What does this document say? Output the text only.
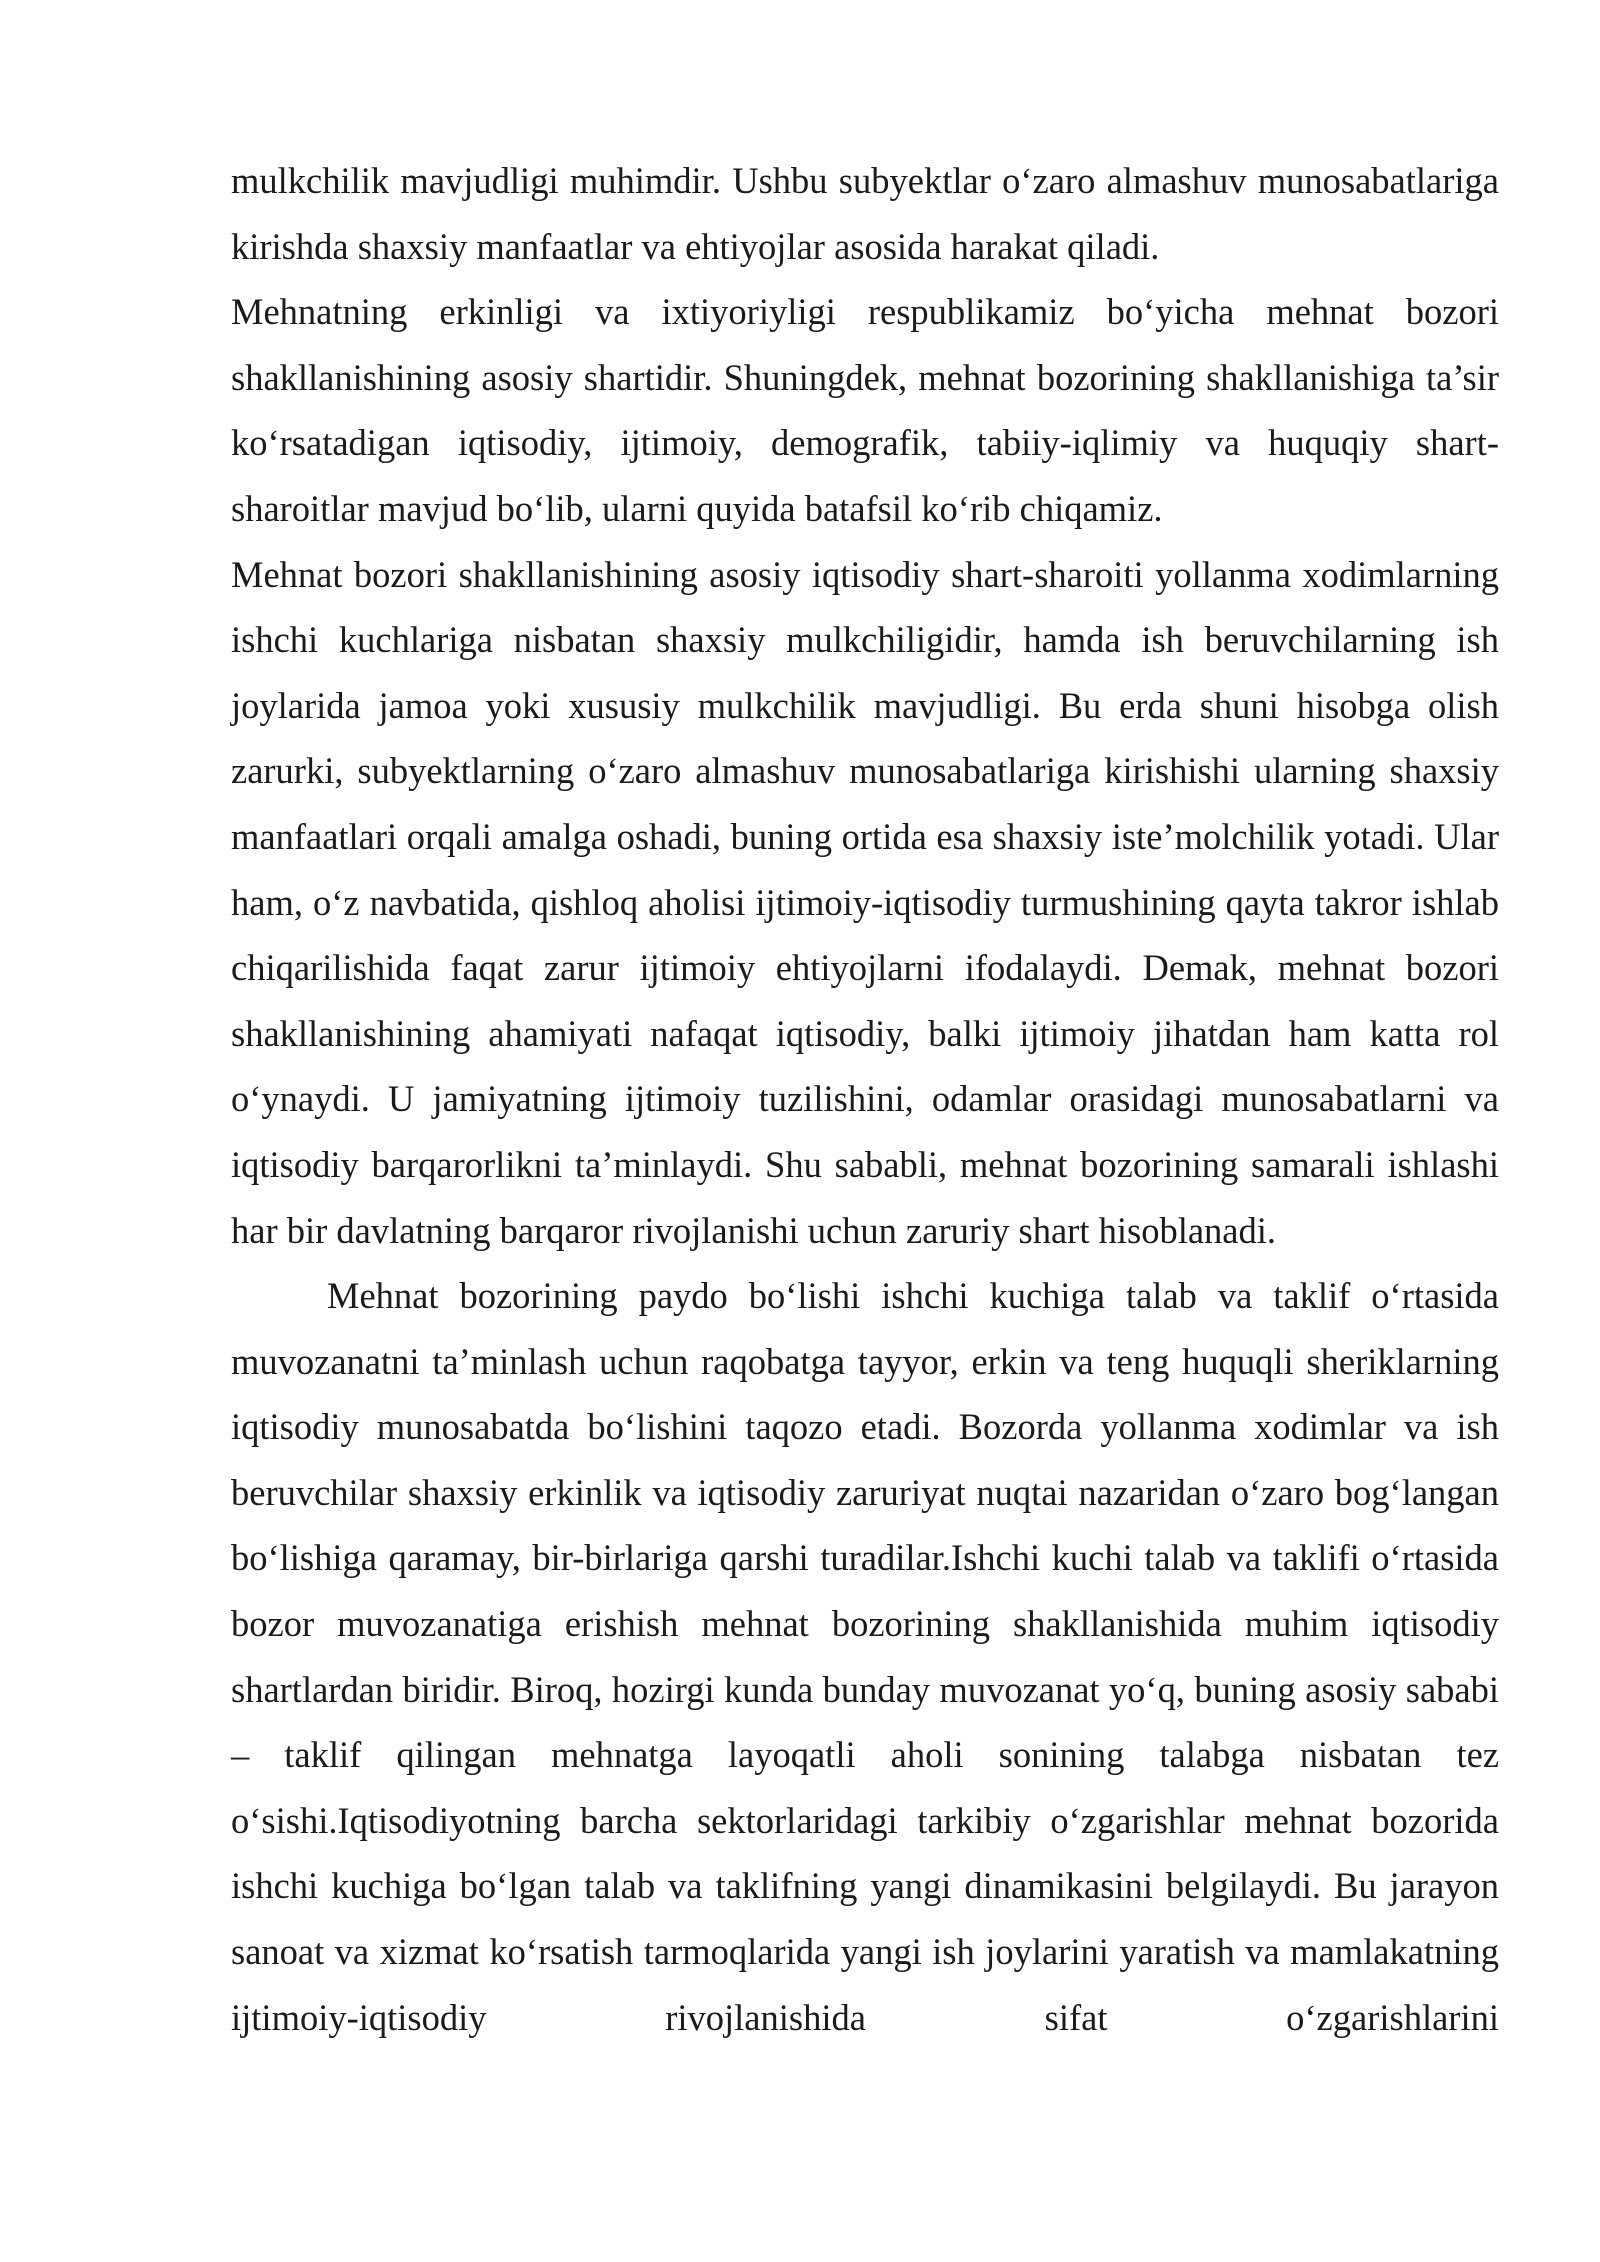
mulkchilik mavjudligi muhimdir. Ushbu subyektlar o‘zaro almashuv munosabatlariga kirishda shaxsiy manfaatlar va ehtiyojlar asosida harakat qiladi.

Mehnatning erkinligi va ixtiyoriyligi respublikamiz bo‘yicha mehnat bozori shakllanishining asosiy shartidir. Shuningdek, mehnat bozorining shakllanishiga ta’sir ko‘rsatadigan iqtisodiy, ijtimoiy, demografik, tabiiy-iqlimiy va huquqiy shart-sharoitlar mavjud bo‘lib, ularni quyida batafsil ko‘rib chiqamiz.

Mehnat bozori shakllanishining asosiy iqtisodiy shart-sharoiti yollanma xodimlarning ishchi kuchlariga nisbatan shaxsiy mulkchiligidir, hamda ish beruvchilarning ish joylarida jamoa yoki xususiy mulkchilik mavjudligi. Bu erda shuni hisobga olish zarurki, subyektlarning o‘zaro almashuv munosabatlariga kirishishi ularning shaxsiy manfaatlari orqali amalga oshadi, buning ortida esa shaxsiy iste’molchilik yotadi. Ular ham, o‘z navbatida, qishloq aholisi ijtimoiy-iqtisodiy turmushining qayta takror ishlab chiqarilishida faqat zarur ijtimoiy ehtiyojlarni ifodalaydi. Demak, mehnat bozori shakllanishining ahamiyati nafaqat iqtisodiy, balki ijtimoiy jihatdan ham katta rol o‘ynaydi. U jamiyatning ijtimoiy tuzilishini, odamlar orasidagi munosabatlarni va iqtisodiy barqarorlikni ta’minlaydi. Shu sababli, mehnat bozorining samarali ishlashi har bir davlatning barqaror rivojlanishi uchun zaruriy shart hisoblanadi.

Mehnat bozorining paydo bo‘lishi ishchi kuchiga talab va taklif o‘rtasida muvozanatni ta’minlash uchun raqobatga tayyor, erkin va teng huquqli sheriklarning iqtisodiy munosabatda bo‘lishini taqozo etadi. Bozorda yollanma xodimlar va ish beruvchilar shaxsiy erkinlik va iqtisodiy zaruriyat nuqtai nazaridan o‘zaro bog‘langan bo‘lishiga qaramay, bir-birlariga qarshi turadilar.Ishchi kuchi talab va taklifi o‘rtasida bozor muvozanatiga erishish mehnat bozorining shakllanishida muhim iqtisodiy shartlardan biridir. Biroq, hozirgi kunda bunday muvozanat yo‘q, buning asosiy sababi – taklif qilingan mehnatga layoqatli aholi sonining talabga nisbatan tez o‘sishi.Iqtisodiyotning barcha sektorlaridagi tarkibiy o‘zgarishlar mehnat bozorida ishchi kuchiga bo‘lgan talab va taklifning yangi dinamikasini belgilaydi. Bu jarayon sanoat va xizmat ko‘rsatish tarmoqlarida yangi ish joylarini yaratish va mamlakatning ijtimoiy-iqtisodiy rivojlanishida sifat o‘zgarishlarini
